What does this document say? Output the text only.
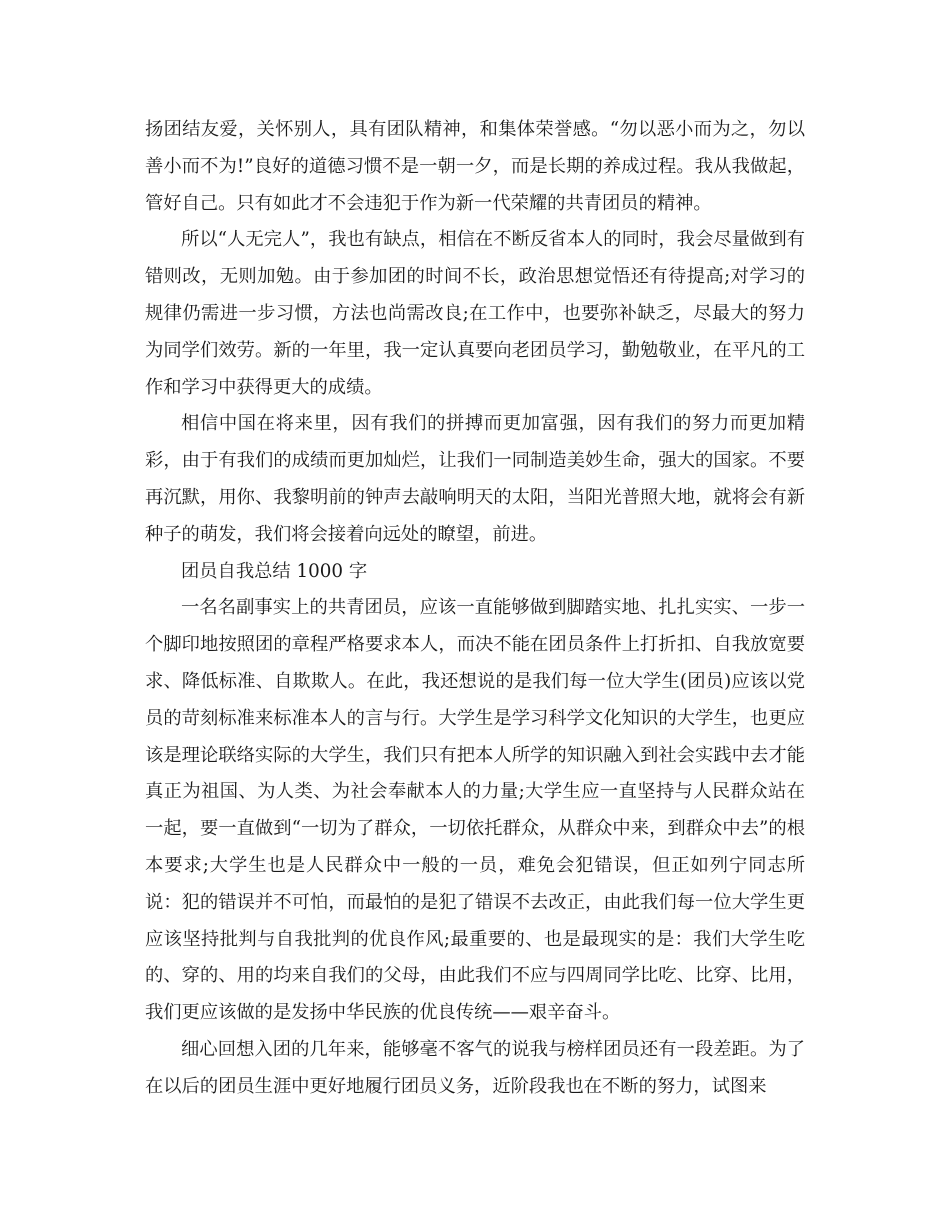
扬团结友爱，关怀别人，具有团队精神，和集体荣誉感。“勿以恶小而为之，勿以善小而不为!”良好的道德习惯不是一朝一夕，而是长期的养成过程。我从我做起，管好自己。只有如此才不会违犯于作为新一代荣耀的共青团员的精神。

所以“人无完人”，我也有缺点，相信在不断反省本人的同时，我会尽量做到有错则改，无则加勉。由于参加团的时间不长，政治思想觉悟还有待提高;对学习的规律仍需进一步习惯，方法也尚需改良;在工作中，也要弥补缺乏，尽最大的努力为同学们效劳。新的一年里，我一定认真要向老团员学习，勤勉敬业，在平凡的工作和学习中获得更大的成绩。

相信中国在将来里，因有我们的拼搏而更加富强，因有我们的努力而更加精彩，由于有我们的成绩而更加灿烂，让我们一同制造美妙生命，强大的国家。不要再沉默，用你、我黎明前的钟声去敲响明天的太阳，当阳光普照大地，就将会有新种子的萌发，我们将会接着向远处的瞭望，前进。

团员自我总结 1000 字

一名名副事实上的共青团员，应该一直能够做到脚踏实地、扎扎实实、一步一个脚印地按照团的章程严格要求本人，而决不能在团员条件上打折扣、自我放宽要求、降低标准、自欺欺人。在此，我还想说的是我们每一位大学生(团员)应该以党员的苛刻标准来标准本人的言与行。大学生是学习科学文化知识的大学生，也更应该是理论联络实际的大学生，我们只有把本人所学的知识融入到社会实践中去才能真正为祖国、为人类、为社会奉献本人的力量;大学生应一直坚持与人民群众站在一起，要一直做到“一切为了群众，一切依托群众，从群众中来，到群众中去”的根本要求;大学生也是人民群众中一般的一员，难免会犯错误，但正如列宁同志所说：犯的错误并不可怕，而最怕的是犯了错误不去改正，由此我们每一位大学生更应该坚持批判与自我批判的优良作风;最重要的、也是最现实的是：我们大学生吃的、穿的、用的均来自我们的父母，由此我们不应与四周同学比吃、比穿、比用，我们更应该做的是发扬中华民族的优良传统——艰辛奋斗。

细心回想入团的几年来，能够毫不客气的说我与榜样团员还有一段差距。为了在以后的团员生涯中更好地履行团员义务，近阶段我也在不断的努力，试图来
